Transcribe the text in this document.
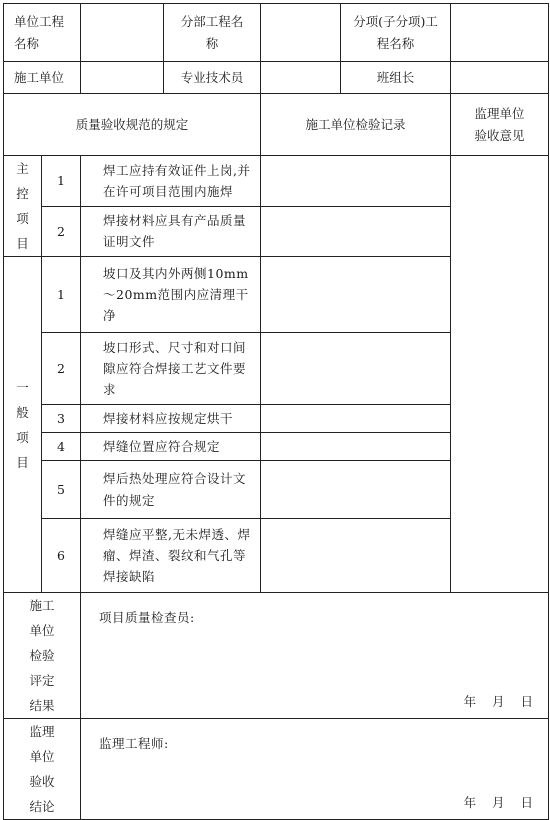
单位工程名称			分部工程名称		分项(子分项)工程名称		
施工单位			专业技术员		班组长		
质量验收规范的规定				施工单位检验记录		监理单位验收意见	
主控项目	1	焊工应持有效证件上岗,并在许可项目范围内施焊					
	2	焊接材料应具有产品质量证明文件					
一般项目	1	坡口及其内外两侧10mm～20mm范围内应清理干净					
	2	坡口形式、尺寸和对口间隙应符合焊接工艺文件要求					
	3	焊接材料应按规定烘干					
	4	焊缝位置应符合规定					
	5	焊后热处理应符合设计文件的规定					
	6	焊缝应平整,无未焊透、焊瘤、焊渣、裂纹和气孔等焊接缺陷					
施工单位检验评定结果		项目质量检查员:
年 月 日					

监理单位验收结论		监理工程师:
年 月 日					
